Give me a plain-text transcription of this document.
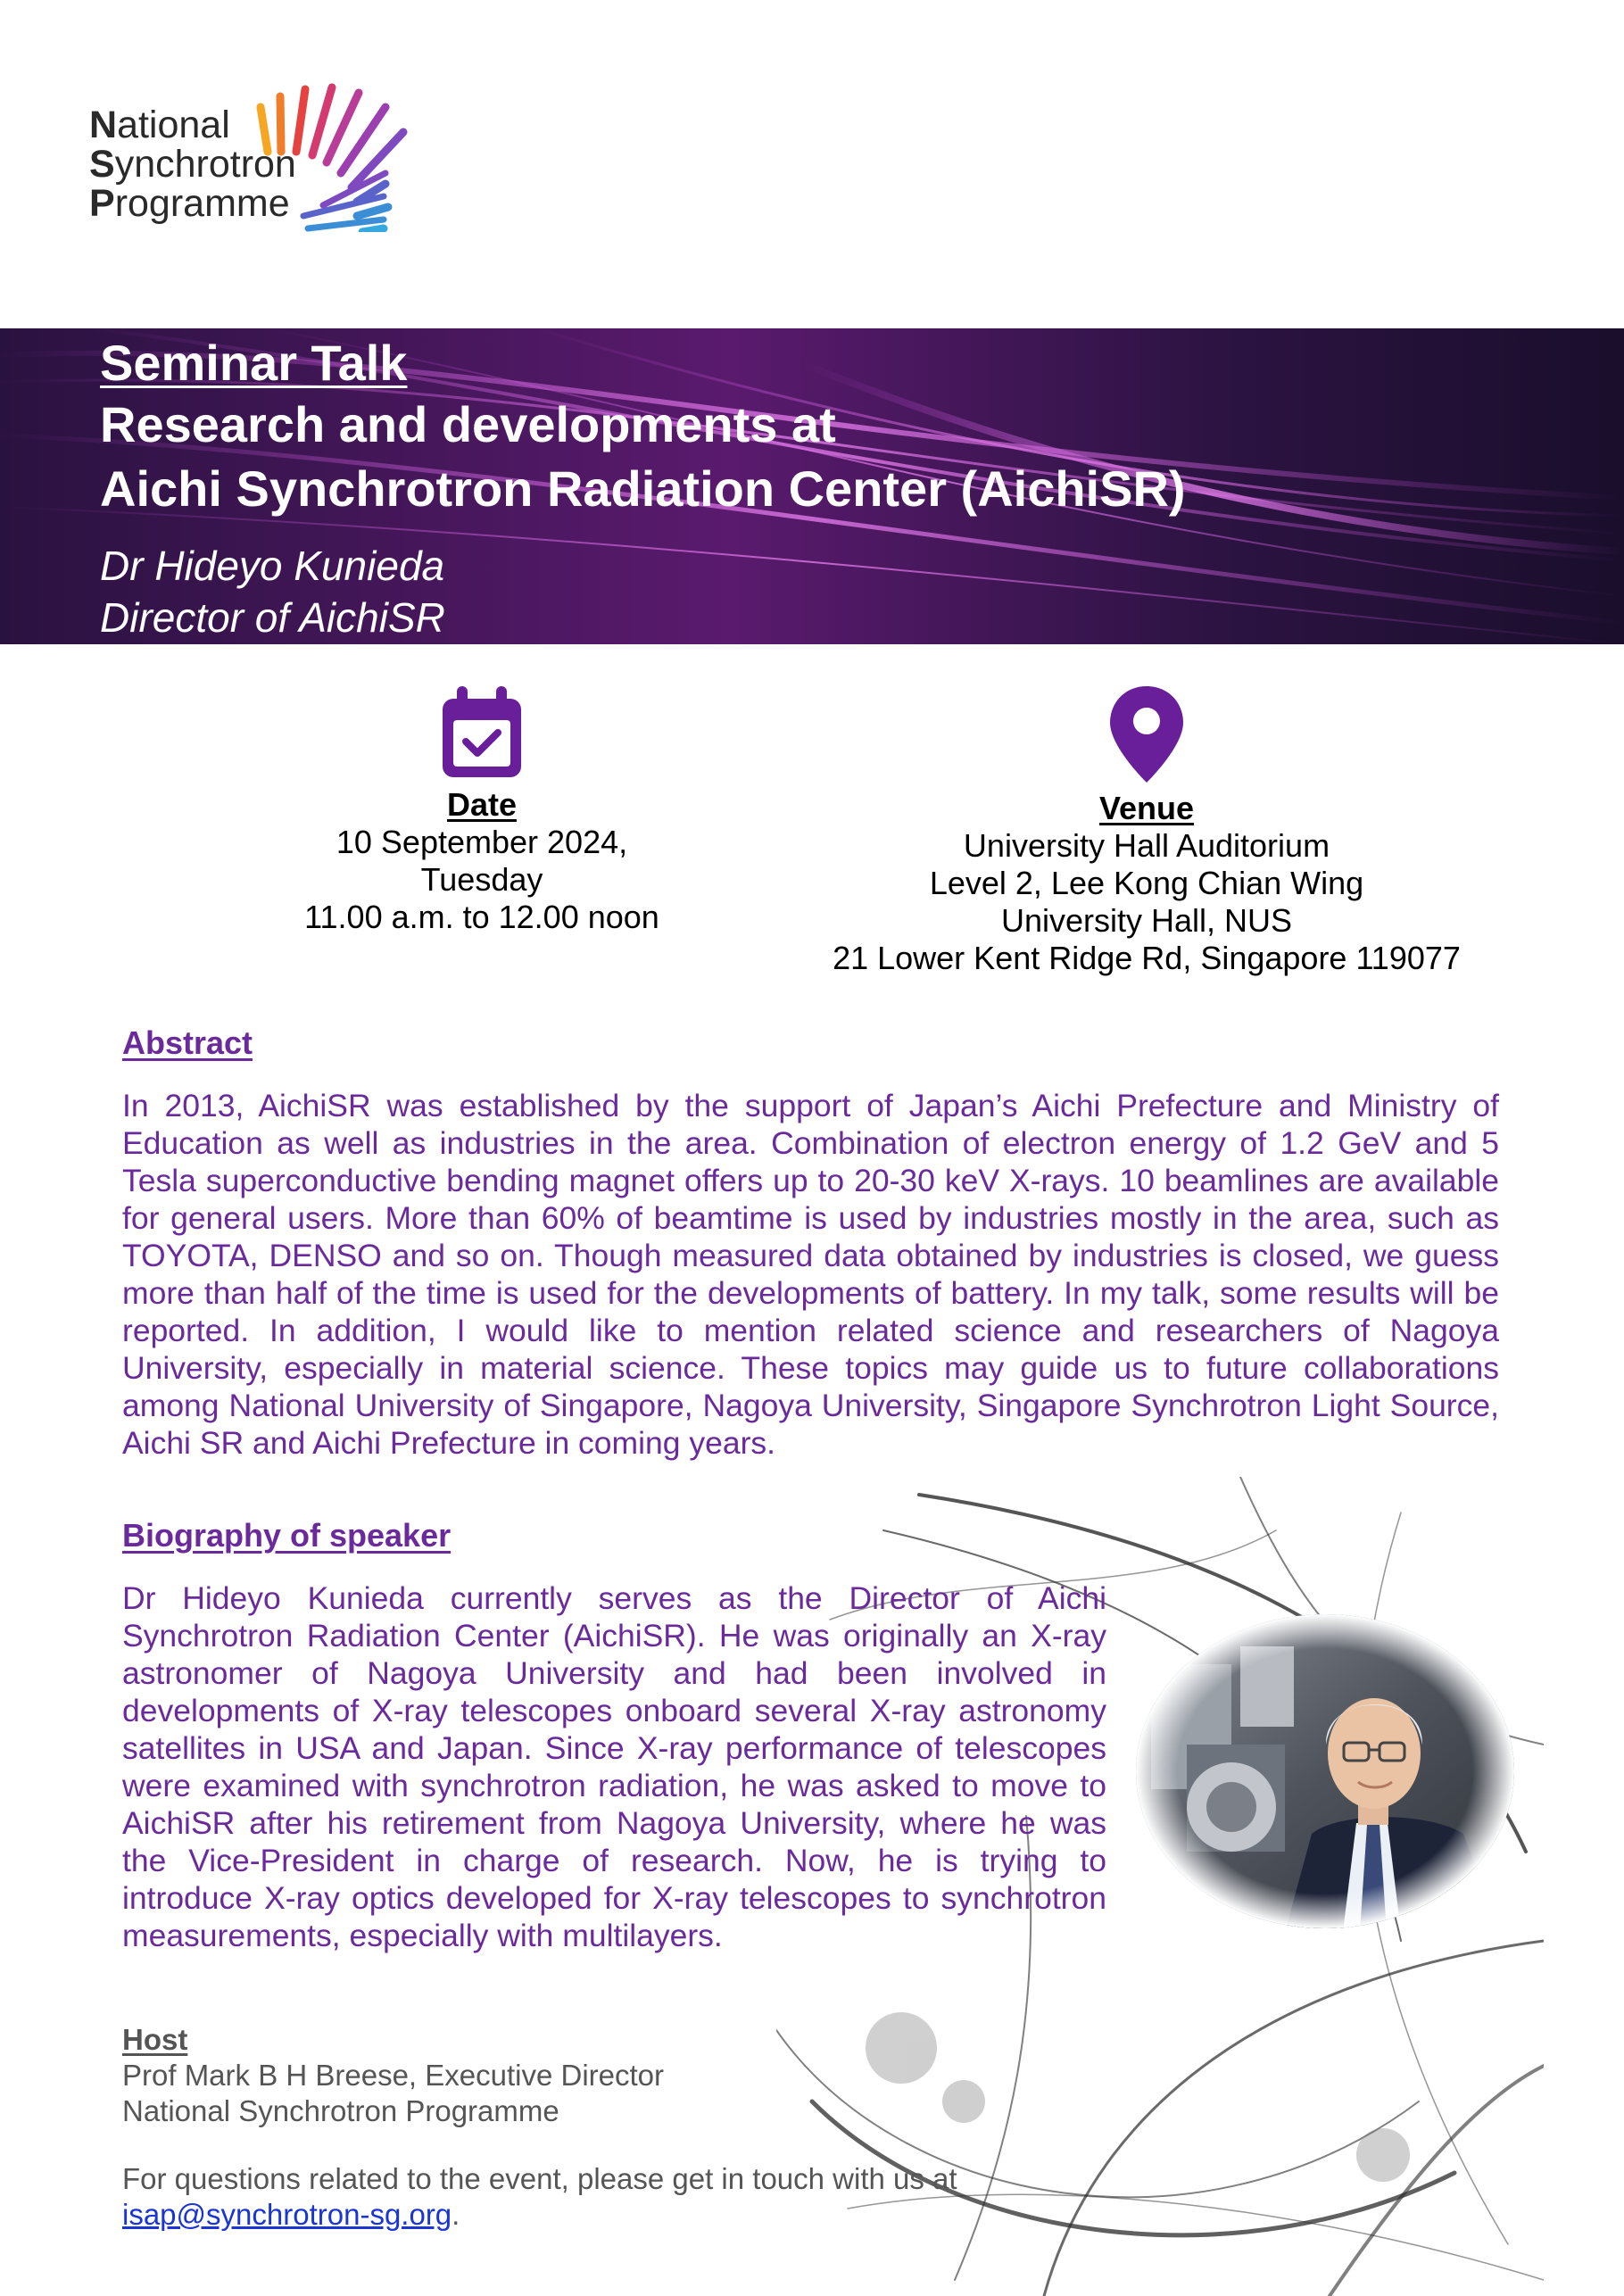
National
Synchrotron
Programme
Seminar Talk
Research and developments at
Aichi Synchrotron Radiation Center (AichiSR)
Dr Hideyo Kunieda
Director of AichiSR
Date
10 September 2024,
Tuesday
11.00 a.m. to 12.00 noon
Venue
University Hall Auditorium
Level 2, Lee Kong Chian Wing
University Hall, NUS
21 Lower Kent Ridge Rd, Singapore 119077
Abstract
In 2013, AichiSR was established by the support of Japan’s Aichi Prefecture and Ministry of Education as well as industries in the area. Combination of electron energy of 1.2 GeV and 5 Tesla superconductive bending magnet offers up to 20-30 keV X-rays. 10 beamlines are available for general users. More than 60% of beamtime is used by industries mostly in the area, such as TOYOTA, DENSO and so on. Though measured data obtained by industries is closed, we guess more than half of the time is used for the developments of battery. In my talk, some results will be reported. In addition, I would like to mention related science and researchers of Nagoya University, especially in material science. These topics may guide us to future collaborations among National University of Singapore, Nagoya University, Singapore Synchrotron Light Source, Aichi SR and Aichi Prefecture in coming years.
Biography of speaker
Dr Hideyo Kunieda currently serves as the Director of Aichi Synchrotron Radiation Center (AichiSR). He was originally an X-ray astronomer of Nagoya University and had been involved in developments of X-ray telescopes onboard several X-ray astronomy satellites in USA and Japan. Since X-ray performance of telescopes were examined with synchrotron radiation, he was asked to move to AichiSR after his retirement from Nagoya University, where he was the Vice-President in charge of research. Now, he is trying to introduce X-ray optics developed for X-ray telescopes to synchrotron measurements, especially with multilayers.
Host
Prof Mark B H Breese, Executive Director
National Synchrotron Programme
For questions related to the event, please get in touch with us at
isap@synchrotron-sg.org.
